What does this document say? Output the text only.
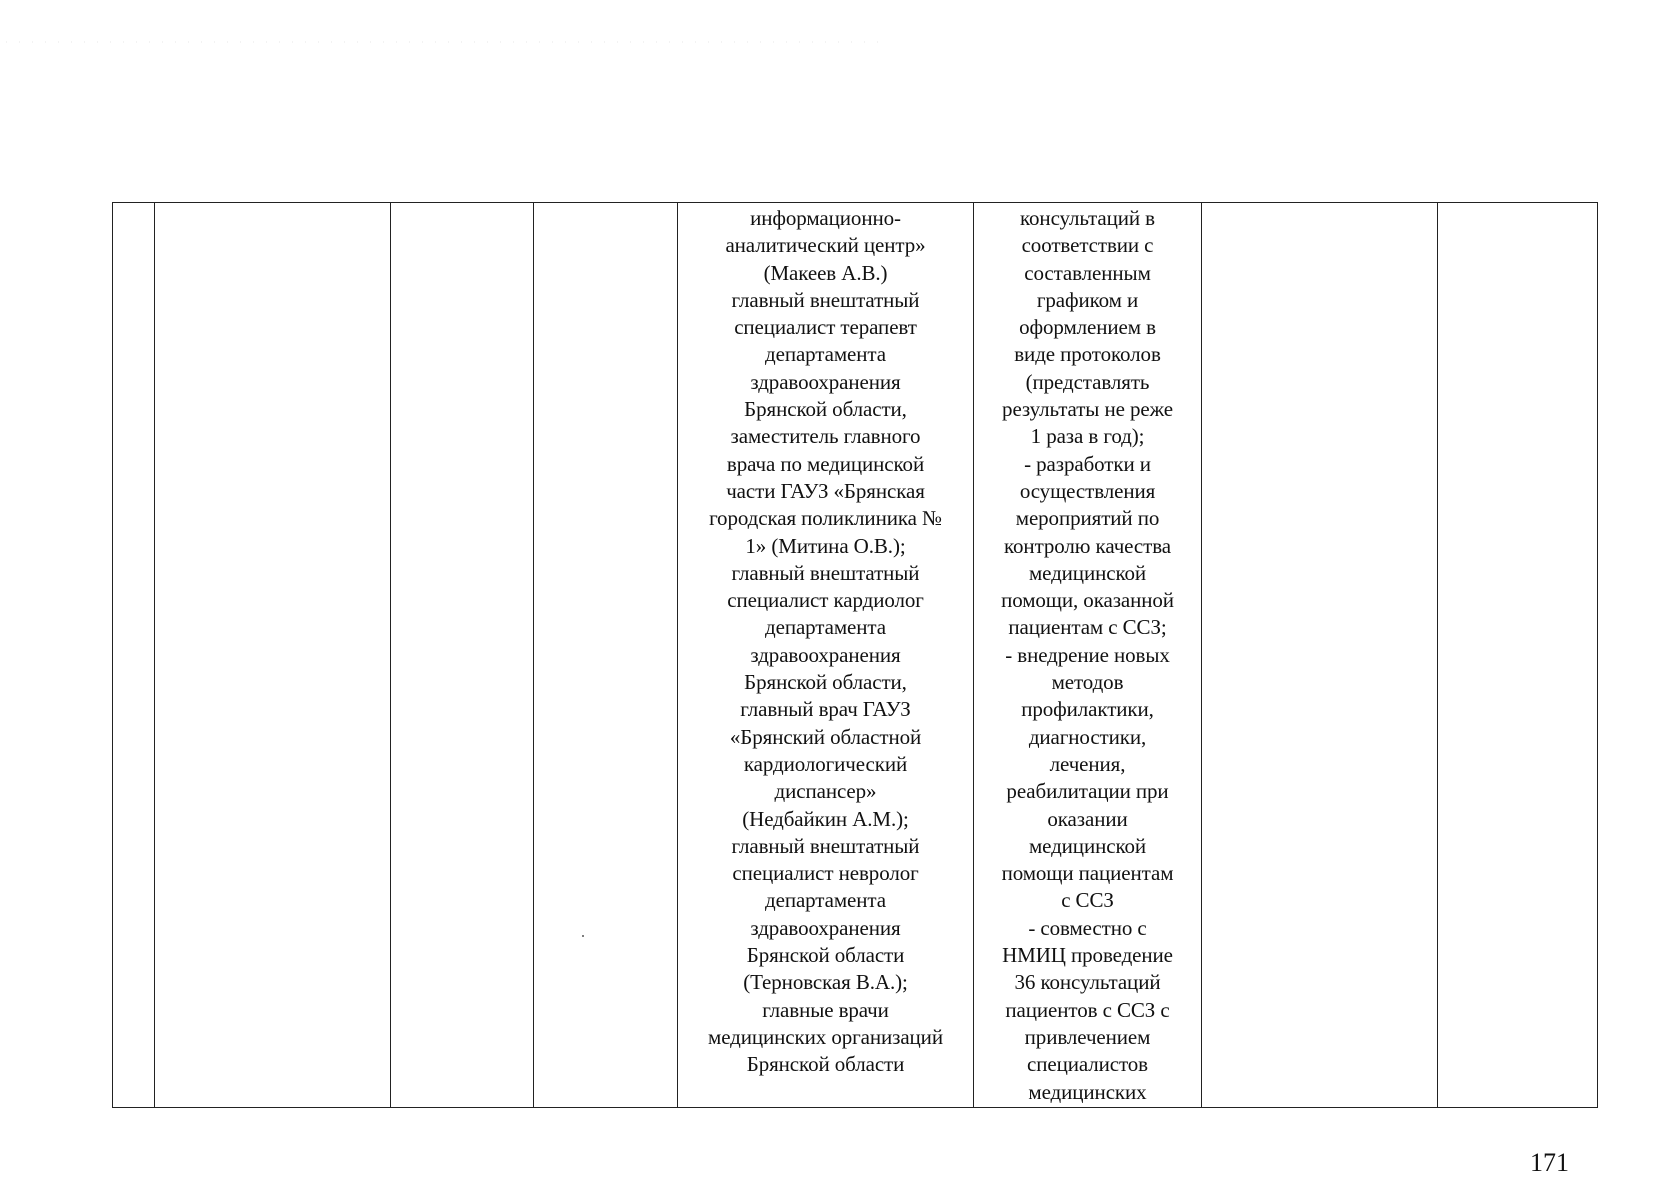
информационно-
аналитический центр»
(Макеев А.В.)
главный внештатный
специалист терапевт
департамента
здравоохранения
Брянской области,
заместитель главного
врача по медицинской
части ГАУЗ «Брянская
городская поликлиника №
1» (Митина О.В.);
главный внештатный
специалист кардиолог
департамента
здравоохранения
Брянской области,
главный врач ГАУЗ
«Брянский областной
кардиологический
диспансер»
(Недбайкин А.М.);
главный внештатный
специалист невролог
департамента
здравоохранения
Брянской области
(Терновская В.А.);
главные врачи
медицинских организаций
Брянской области
консультаций в
соответствии с
составленным
графиком и
оформлением в
виде протоколов
(представлять
результаты не реже
1 раза в год);
- разработки и
осуществления
мероприятий по
контролю качества
медицинской
помощи, оказанной
пациентам с ССЗ;
- внедрение новых
методов
профилактики,
диагностики,
лечения,
реабилитации при
оказании
медицинской
помощи пациентам
с ССЗ
- совместно с
НМИЦ проведение
36 консультаций
пациентов с ССЗ с
привлечением
специалистов
медицинских
171
